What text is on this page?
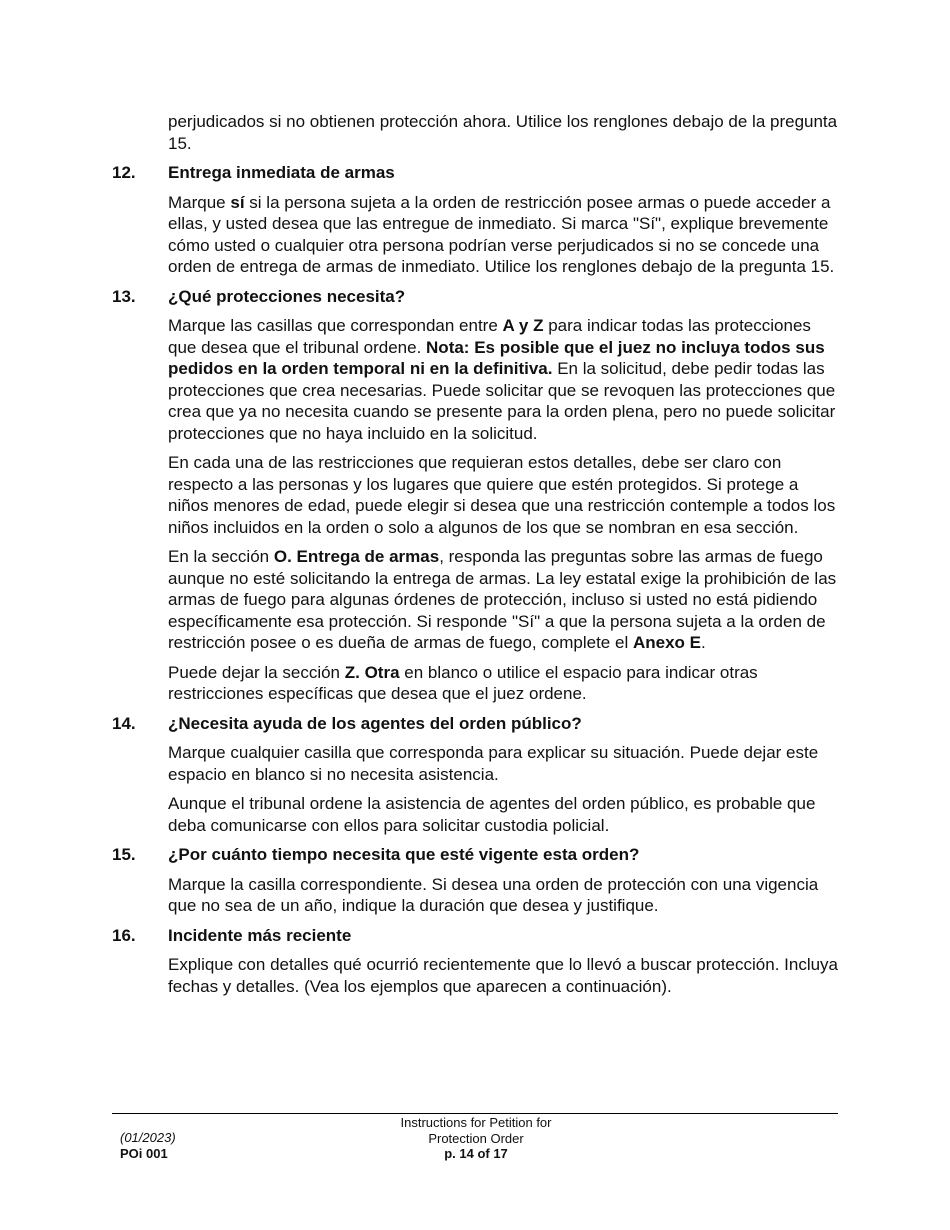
perjudicados si no obtienen protección ahora. Utilice los renglones debajo de la pregunta 15.

12.	Entrega inmediata de armas

Marque sí si la persona sujeta a la orden de restricción posee armas o puede acceder a ellas, y usted desea que las entregue de inmediato. Si marca "Sí", explique brevemente cómo usted o cualquier otra persona podrían verse perjudicados si no se concede una orden de entrega de armas de inmediato. Utilice los renglones debajo de la pregunta 15.

13.	¿Qué protecciones necesita?

Marque las casillas que correspondan entre A y Z para indicar todas las protecciones que desea que el tribunal ordene. Nota: Es posible que el juez no incluya todos sus pedidos en la orden temporal ni en la definitiva. En la solicitud, debe pedir todas las protecciones que crea necesarias. Puede solicitar que se revoquen las protecciones que crea que ya no necesita cuando se presente para la orden plena, pero no puede solicitar protecciones que no haya incluido en la solicitud.

En cada una de las restricciones que requieran estos detalles, debe ser claro con respecto a las personas y los lugares que quiere que estén protegidos. Si protege a niños menores de edad, puede elegir si desea que una restricción contemple a todos los niños incluidos en la orden o solo a algunos de los que se nombran en esa sección.

En la sección O. Entrega de armas, responda las preguntas sobre las armas de fuego aunque no esté solicitando la entrega de armas. La ley estatal exige la prohibición de las armas de fuego para algunas órdenes de protección, incluso si usted no está pidiendo específicamente esa protección. Si responde "Sí" a que la persona sujeta a la orden de restricción posee o es dueña de armas de fuego, complete el Anexo E.

Puede dejar la sección Z. Otra en blanco o utilice el espacio para indicar otras restricciones específicas que desea que el juez ordene.

14.	¿Necesita ayuda de los agentes del orden público?

Marque cualquier casilla que corresponda para explicar su situación. Puede dejar este espacio en blanco si no necesita asistencia.

Aunque el tribunal ordene la asistencia de agentes del orden público, es probable que deba comunicarse con ellos para solicitar custodia policial.

15.	¿Por cuánto tiempo necesita que esté vigente esta orden?

Marque la casilla correspondiente. Si desea una orden de protección con una vigencia que no sea de un año, indique la duración que desea y justifique.

16.	Incidente más reciente

Explique con detalles qué ocurrió recientemente que lo llevó a buscar protección. Incluya fechas y detalles. (Vea los ejemplos que aparecen a continuación).

(01/2023)
POi 001
Instructions for Petition for
Protection Order
p. 14 of 17
